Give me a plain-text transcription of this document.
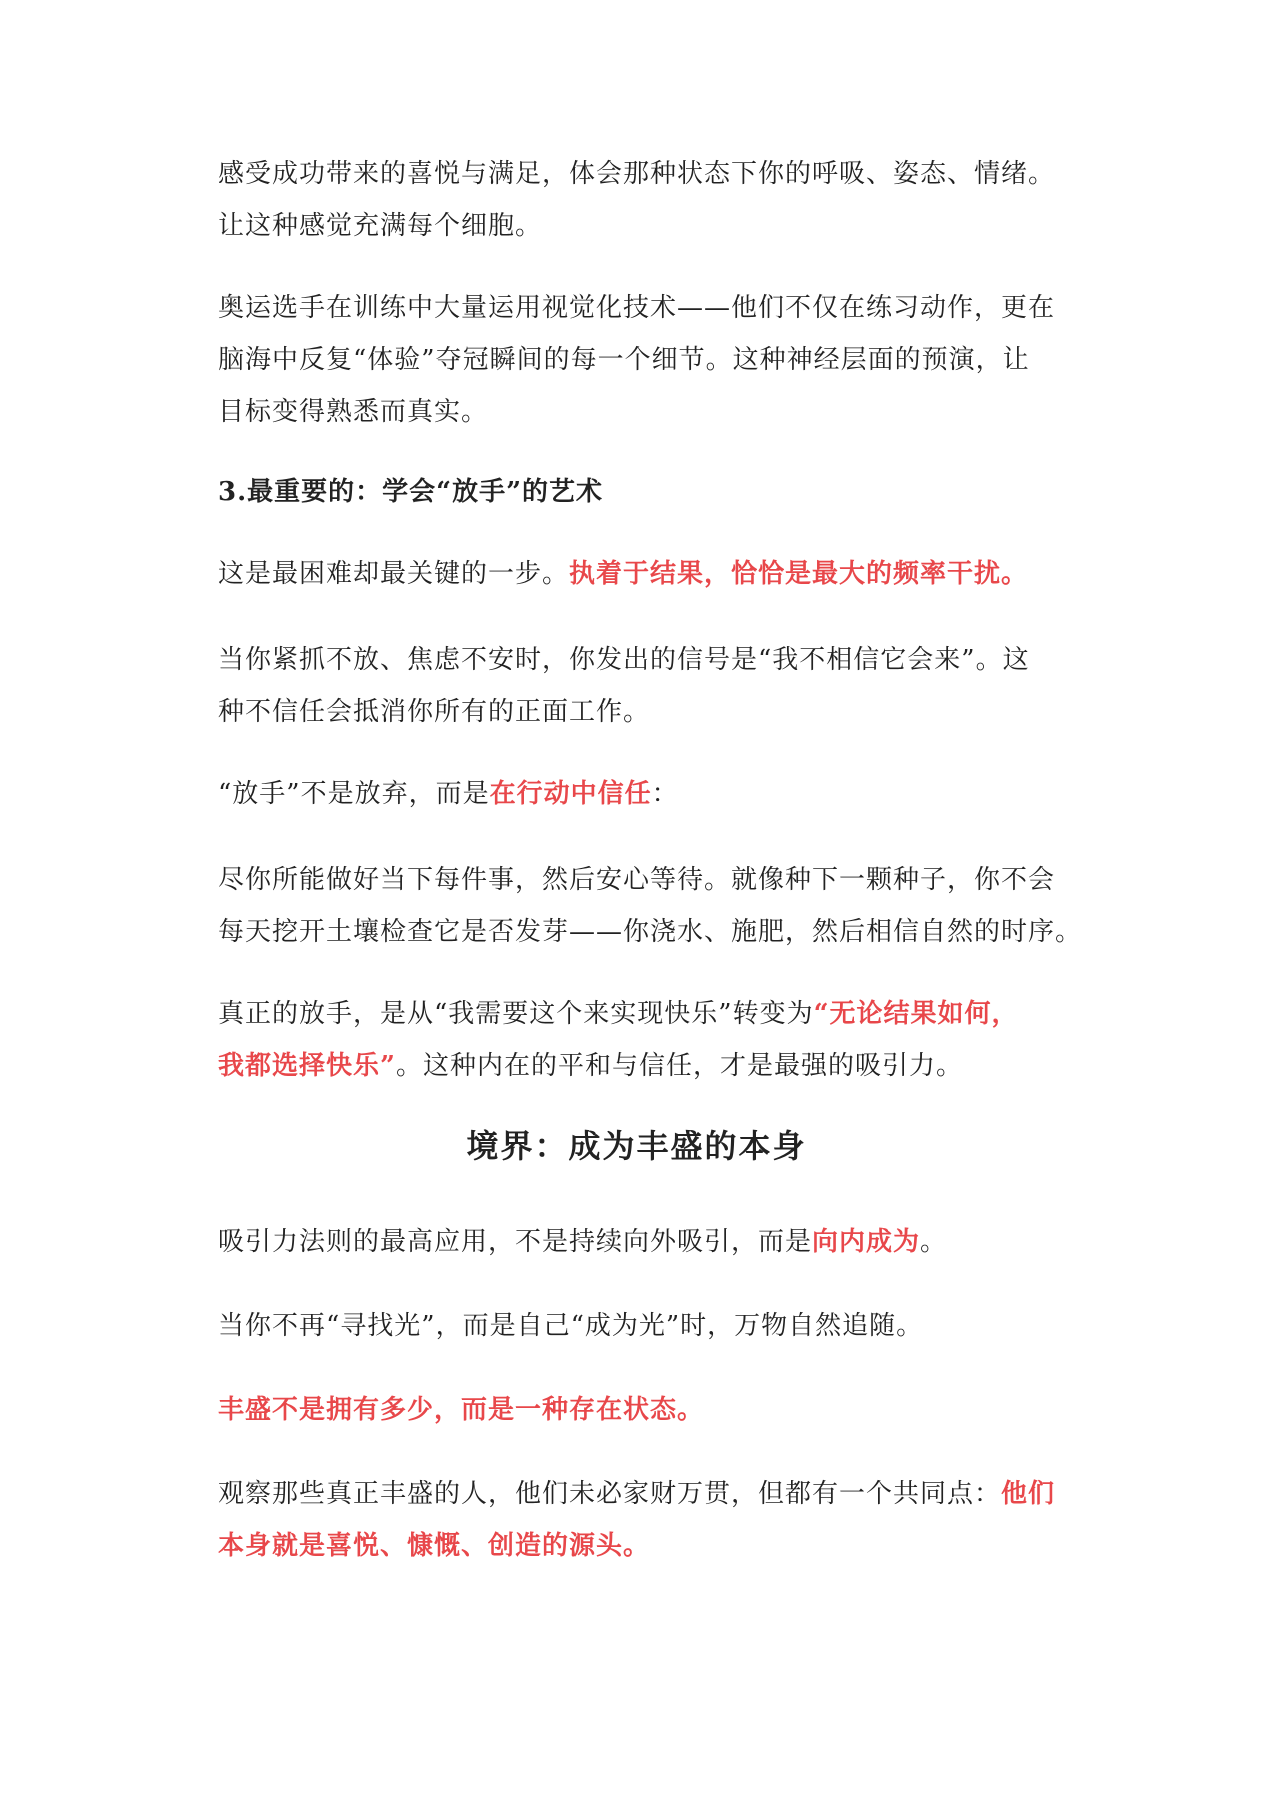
感受成功带来的喜悦与满足，体会那种状态下你的呼吸、姿态、情绪。
让这种感觉充满每个细胞。
奥运选手在训练中大量运用视觉化技术——他们不仅在练习动作，更在
脑海中反复“体验”夺冠瞬间的每一个细节。这种神经层面的预演，让
目标变得熟悉而真实。
3.最重要的：学会“放手”的艺术
这是最困难却最关键的一步。执着于结果，恰恰是最大的频率干扰。
当你紧抓不放、焦虑不安时，你发出的信号是“我不相信它会来”。这
种不信任会抵消你所有的正面工作。
“放手”不是放弃，而是在行动中信任：
尽你所能做好当下每件事，然后安心等待。就像种下一颗种子，你不会
每天挖开土壤检查它是否发芽——你浇水、施肥，然后相信自然的时序。
真正的放手，是从“我需要这个来实现快乐”转变为“无论结果如何，
我都选择快乐”。这种内在的平和与信任，才是最强的吸引力。
境界：成为丰盛的本身
吸引力法则的最高应用，不是持续向外吸引，而是向内成为。
当你不再“寻找光”，而是自己“成为光”时，万物自然追随。
丰盛不是拥有多少，而是一种存在状态。
观察那些真正丰盛的人，他们未必家财万贯，但都有一个共同点：他们
本身就是喜悦、慷慨、创造的源头。
